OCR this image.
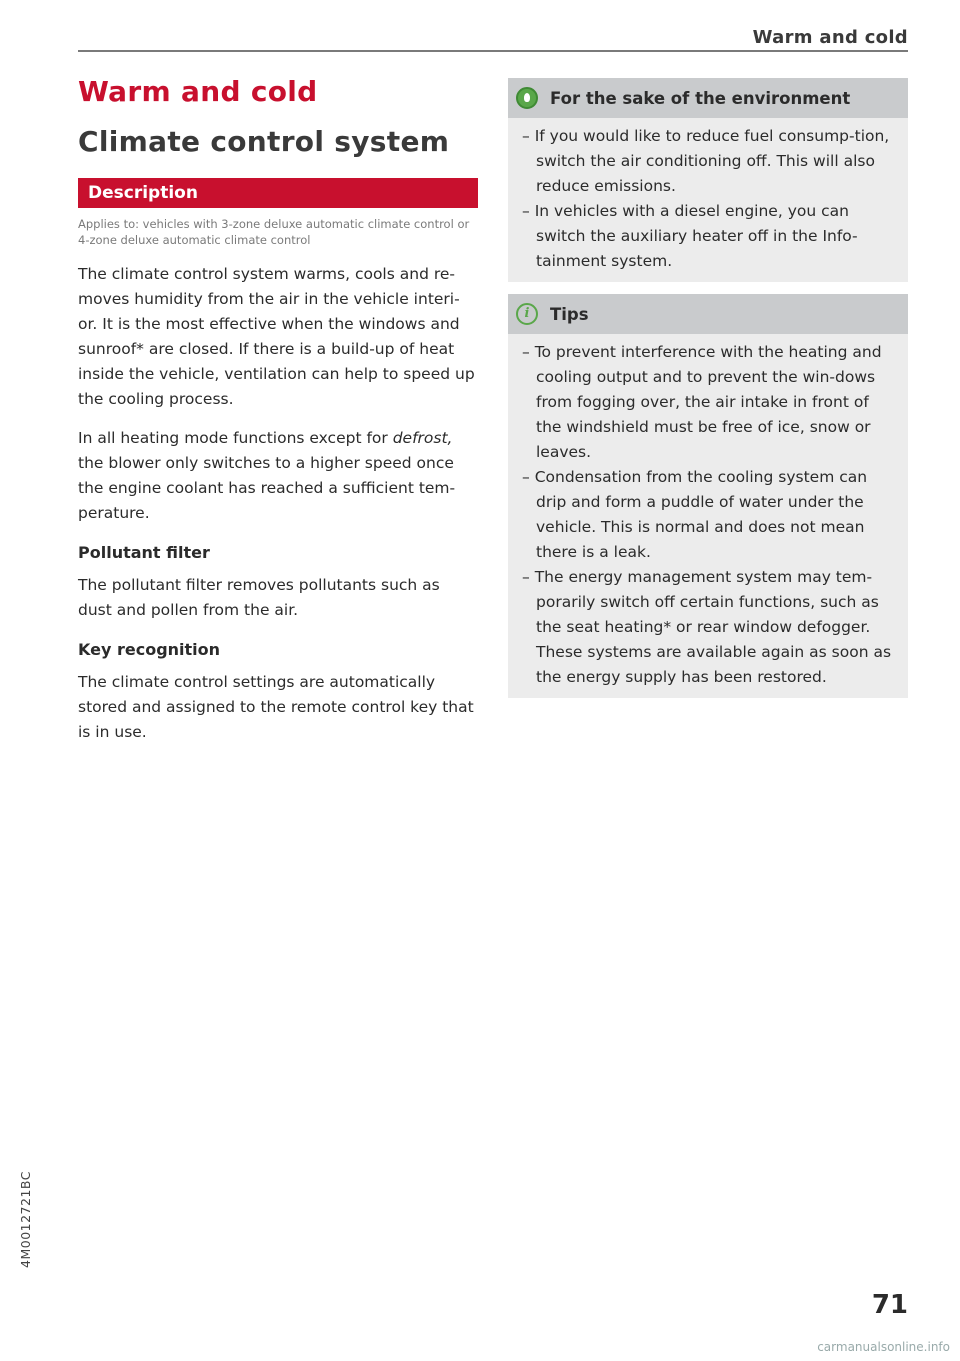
Warm and cold
Warm and cold
Climate control system
Description

Applies to: vehicles with 3-zone deluxe automatic climate control or 4-zone deluxe automatic climate control

The climate control system warms, cools and re-moves humidity from the air in the vehicle interi-or. It is the most effective when the windows and sunroof* are closed. If there is a build-up of heat inside the vehicle, ventilation can help to speed up the cooling process.

In all heating mode functions except for defrost, the blower only switches to a higher speed once the engine coolant has reached a sufficient tem-perature.

Pollutant filter

The pollutant filter removes pollutants such as dust and pollen from the air.

Key recognition

The climate control settings are automatically stored and assigned to the remote control key that is in use.

For the sake of the environment
– If you would like to reduce fuel consump-tion, switch the air conditioning off. This will also reduce emissions.
– In vehicles with a diesel engine, you can switch the auxiliary heater off in the Info-tainment system.
i	Tips
– To prevent interference with the heating and cooling output and to prevent the win-dows from fogging over, the air intake in front of the windshield must be free of ice, snow or leaves.
– Condensation from the cooling system can drip and form a puddle of water under the vehicle. This is normal and does not mean there is a leak.
– The energy management system may tem-porarily switch off certain functions, such as the seat heating* or rear window defogger. These systems are available again as soon as the energy supply has been restored.
4M0012721BC
71
carmanualsonline.info
